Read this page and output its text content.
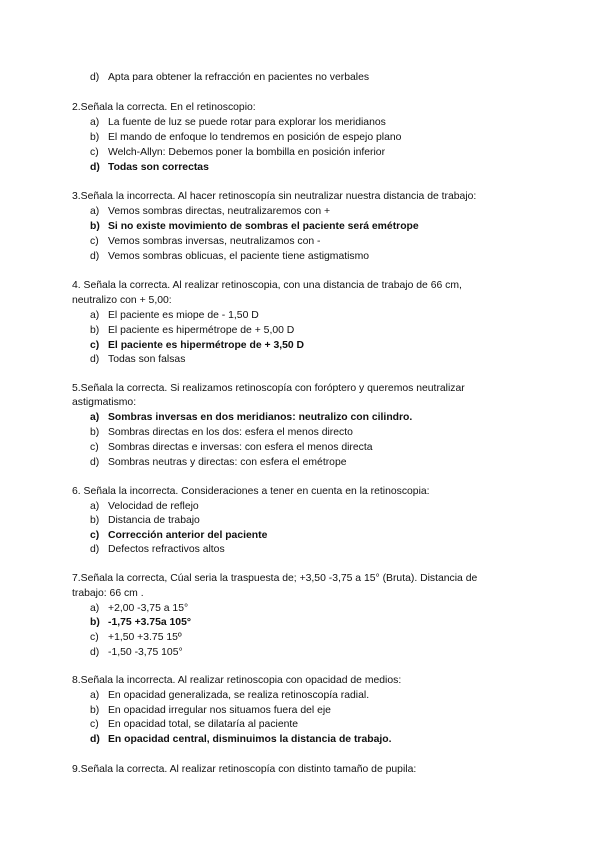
d) Apta para obtener la refracción en pacientes no verbales
2.Señala la correcta. En el retinoscopio:
a) La fuente de luz se puede rotar para explorar los meridianos
b) El mando de enfoque lo tendremos en posición de espejo plano
c) Welch-Allyn: Debemos poner la bombilla en posición inferior
d) Todas son correctas
3.Señala la incorrecta. Al hacer retinoscopía sin neutralizar nuestra distancia de trabajo:
a) Vemos sombras directas, neutralizaremos con +
b) Si no existe movimiento de sombras el paciente será emétrope
c) Vemos sombras inversas, neutralizamos con -
d) Vemos sombras oblicuas, el paciente tiene astigmatismo
4. Señala la correcta. Al realizar retinoscopia, con una distancia de trabajo de 66 cm,
neutralizo con + 5,00:
a) El paciente es miope de - 1,50 D
b) El paciente es hipermétrope de + 5,00 D
c) El paciente es hipermétrope de + 3,50 D
d) Todas son falsas
5.Señala la correcta. Si realizamos retinoscopía con foróptero y queremos neutralizar
astigmatismo:
a) Sombras inversas en dos meridianos: neutralizo con cilindro.
b) Sombras directas en los dos: esfera el menos directo
c) Sombras directas e inversas: con esfera el menos directa
d) Sombras neutras y directas: con esfera el emétrope
6. Señala la incorrecta. Consideraciones a tener en cuenta en la retinoscopia:
a) Velocidad de reflejo
b) Distancia de trabajo
c) Corrección anterior del paciente
d) Defectos refractivos altos
7.Señala la correcta, Cúal seria la traspuesta de; +3,50 -3,75 a 15° (Bruta). Distancia de
trabajo: 66 cm .
a) +2,00 -3,75 a 15°
b) -1,75 +3.75a 105°
c) +1,50 +3.75 15º
d) -1,50 -3,75 105°
8.Señala la incorrecta. Al realizar retinoscopia con opacidad de medios:
a) En opacidad generalizada, se realiza retinoscopía radial.
b) En opacidad irregular nos situamos fuera del eje
c) En opacidad total, se dilataría al paciente
d) En opacidad central, disminuimos la distancia de trabajo.
9.Señala la correcta. Al realizar retinoscopía con distinto tamaño de pupila:
